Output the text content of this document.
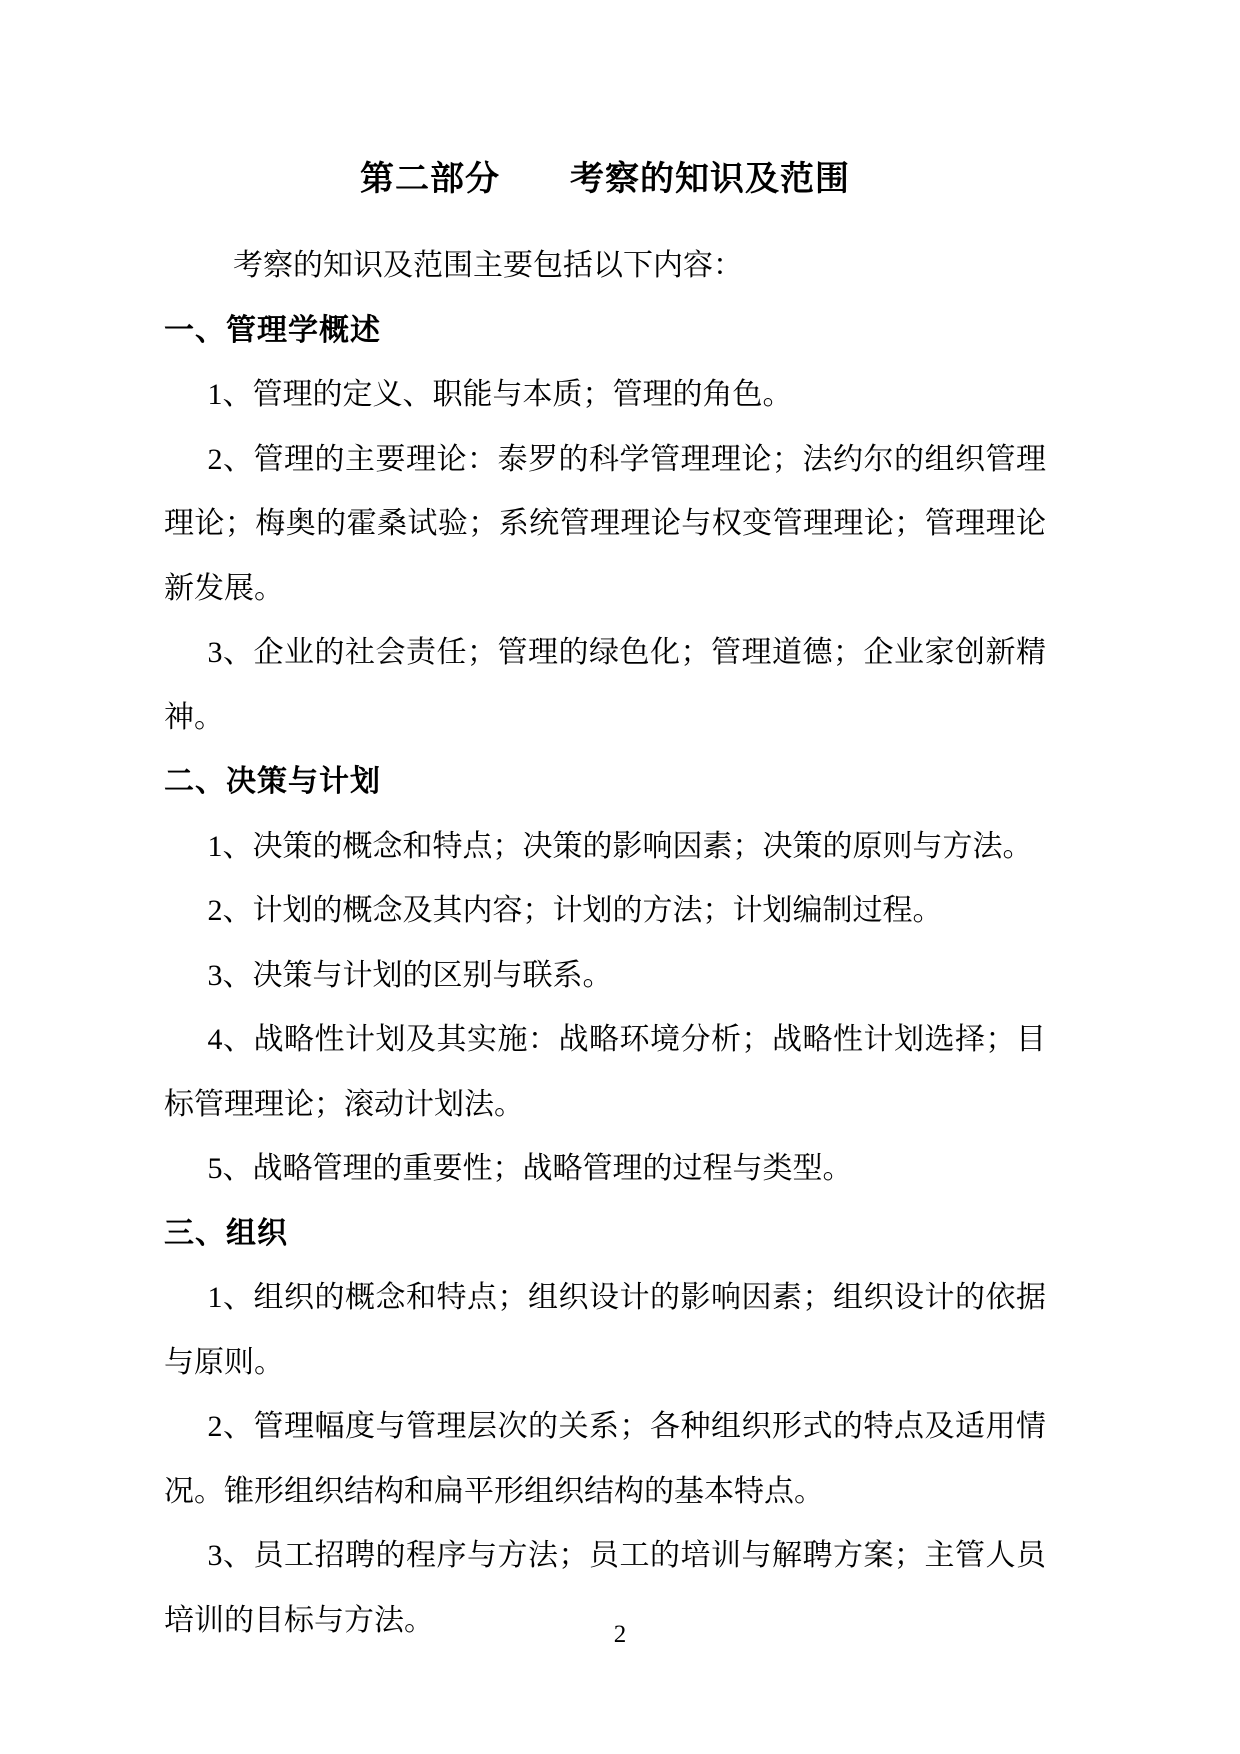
第二部分　　考察的知识及范围

考察的知识及范围主要包括以下内容：

一、管理学概述

1、管理的定义、职能与本质；管理的角色。

2、管理的主要理论：泰罗的科学管理理论；法约尔的组织管理理论；梅奥的霍桑试验；系统管理理论与权变管理理论；管理理论新发展。

3、企业的社会责任；管理的绿色化；管理道德；企业家创新精神。

二、决策与计划

1、决策的概念和特点；决策的影响因素；决策的原则与方法。

2、计划的概念及其内容；计划的方法；计划编制过程。

3、决策与计划的区别与联系。

4、战略性计划及其实施：战略环境分析；战略性计划选择；目标管理理论；滚动计划法。

5、战略管理的重要性；战略管理的过程与类型。

三、组织

1、组织的概念和特点；组织设计的影响因素；组织设计的依据与原则。

2、管理幅度与管理层次的关系；各种组织形式的特点及适用情况。锥形组织结构和扁平形组织结构的基本特点。

3、员工招聘的程序与方法；员工的培训与解聘方案；主管人员培训的目标与方法。	2
